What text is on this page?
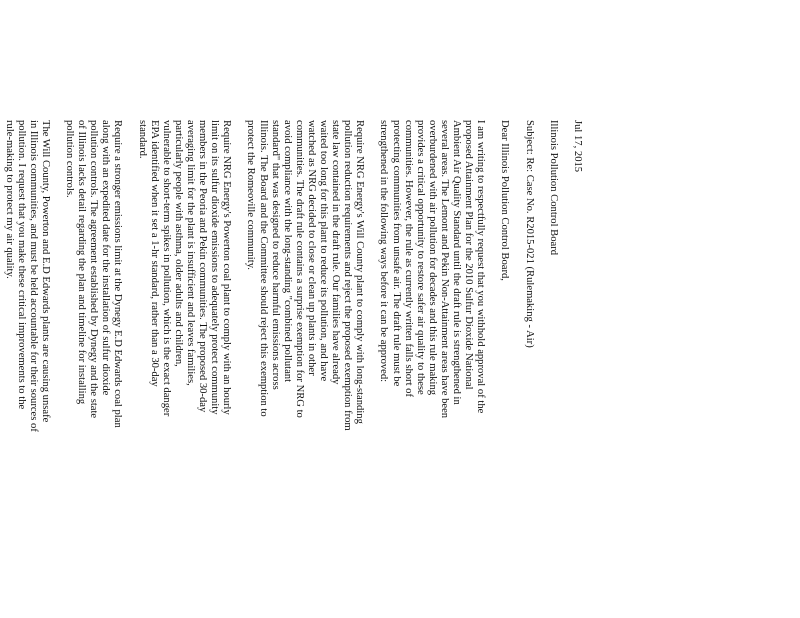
Jul 17, 2015

Illinois Pollution Control Board

Subject: Re: Case No. R2015-021 (Rulemaking - Air)

Dear Illinois Pollution Control Board,

I am writing to respectfully request that you withhold approval of the
proposed Attainment Plan for the 2010 Sulfur Dioxide National
Ambient Air Quality Standard until the draft rule is strengthened in
several areas. The Lemont and Pekin Non-Attainment areas have been
overburdened with air pollution for decades and this rule making
provides a critical opportunity to restore safer air quality to these
communities. However, the rule as currently written falls short of
protecting communities from unsafe air. The draft rule must be
strengthened in the following ways before it can be approved:
Require NRG Energy's Will County plant to comply with long-standing
pollution reduction requirements and reject the proposed exemption from
state law contained in the draft rule. Our families have already
waited too long for this plant to reduce its pollution, and have
watched as NRG decided to close or clean up plants in other
communities. The draft rule contains a surprise exemption for NRG to
avoid compliance with the long-standing "combined pollutant
standard" that was designed to reduce harmful emissions across
Illinois. The Board and the Committee should reject this exemption to
protect the Romeoville community.
Require NRG Energy's Powerton coal plant to comply with an hourly
limit on its sulfur dioxide emissions to adequately protect community
members in the Peoria and Pekin communities. The proposed 30-day
averaging limit for the plant is insufficient and leaves families,
particularly people with asthma, older adults and children,
vulnerable to short-term spikes in pollution, which is the exact danger
EPA identified when it set a 1-hr standard, rather than a 30-day
standard.
Require a stronger emissions limit at the Dynegy E.D Edwards coal plan
along with an expedited date for the installation of sulfur dioxide
pollution controls. The agreement established by Dynegy and the state
of Illinois lacks detail regarding the plan and timeline for installing
pollution controls.
The Will County, Powerton and E.D Edwards plants are causing unsafe
in Illinois communities, and must be held accountable for their sources of
pollution. I request that you make these critical improvements to the
rule-making to protect my air quality.
